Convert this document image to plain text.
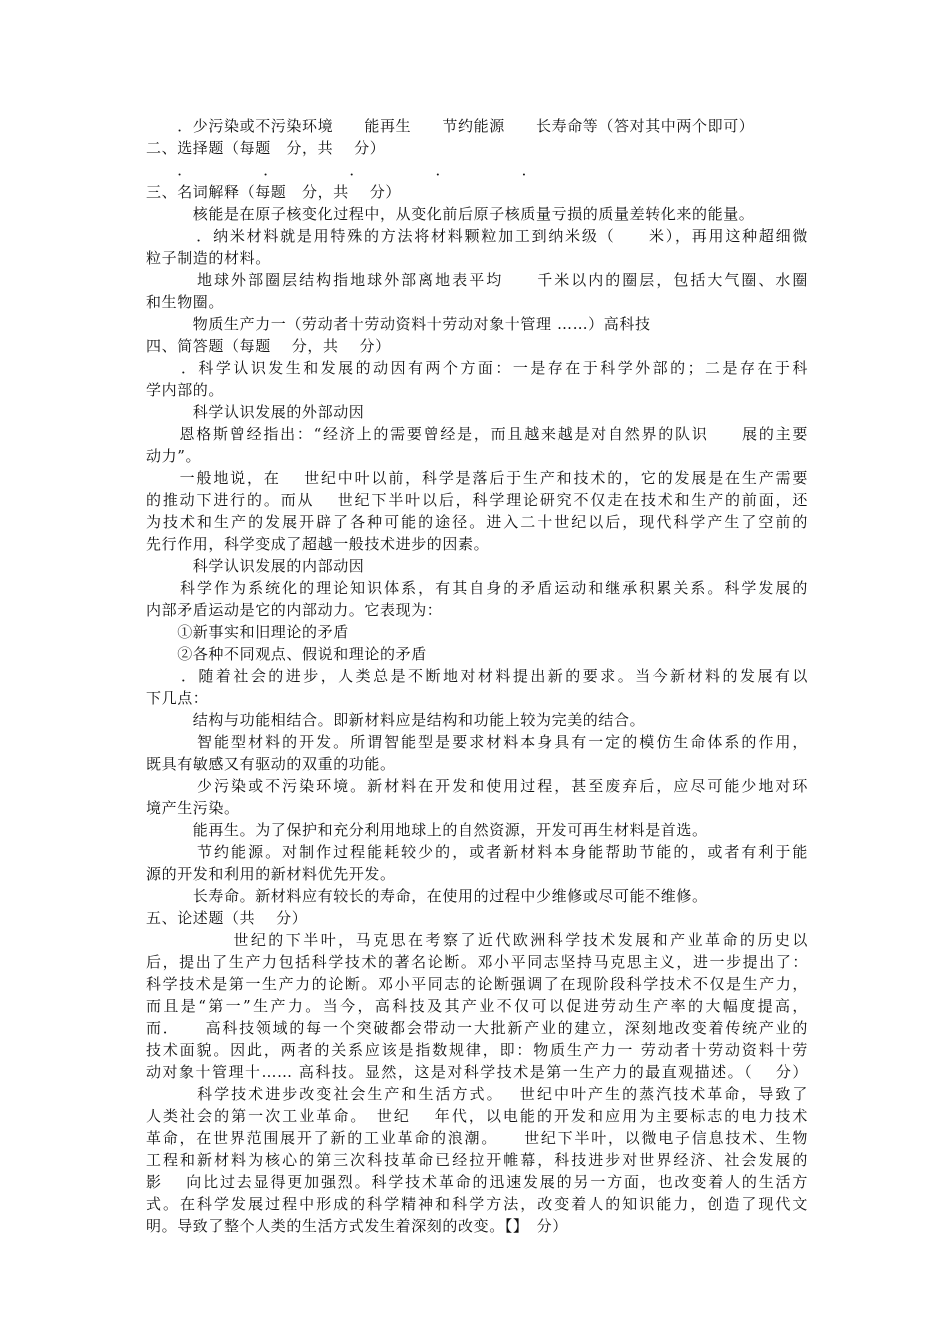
　　．少污染或不污染环境　　能再生　　节约能源　　长寿命等（答对其中两个即可）
二、选择题（每题　分，共　 分）
　　．　　　　　．　　　　　．　　　　　．　　　　　．
三、名词解释（每题　分，共　 分）
　　　核能是在原子核变化过程中，从变化前后原子核质量亏损的质量差转化来的能量。
　　　．纳米材料就是用特殊的方法将材料颗粒加工到纳米级（　　米），再用这种超细微
粒子制造的材料。
　　　地球外部圈层结构指地球外部离地表平均　　千米以内的圈层，包括大气圈、水圈
和生物圈。
　　　物质生产力一（劳动者十劳动资料十劳动对象十管理 ……）高科技
四、简答题（每题　 分，共　 分）
　　．科学认识发生和发展的动因有两个方面：一是存在于科学外部的；二是存在于科
学内部的。
　　　科学认识发展的外部动因
　　恩格斯曾经指出：“经济上的需要曾经是，而且越来越是对自然界的队识　　展的主要
动力”。
　　一般地说，在　 世纪中叶以前，科学是落后于生产和技术的，它的发展是在生产需要
的推动下进行的。而从　 世纪下半叶以后，科学理论研究不仅走在技术和生产的前面，还
为技术和生产的发展开辟了各种可能的途径。进入二十世纪以后，现代科学产生了空前的
先行作用，科学变成了超越一般技术进步的因素。
　　　科学认识发展的内部动因
　　科学作为系统化的理论知识体系，有其自身的矛盾运动和继承积累关系。科学发展的
内部矛盾运动是它的内部动力。它表现为：
　　①新事实和旧理论的矛盾
　　②各种不同观点、假说和理论的矛盾
　　．随着社会的进步，人类总是不断地对材料提出新的要求。当今新材料的发展有以
下几点：
　　　结构与功能相结合。即新材料应是结构和功能上较为完美的结合。
　　　智能型材料的开发。所谓智能型是要求材料本身具有一定的模仿生命体系的作用，
既具有敏感又有驱动的双重的功能。
　　　少污染或不污染环境。新材料在开发和使用过程，甚至废弃后，应尽可能少地对环
境产生污染。
　　　能再生。为了保护和充分利用地球上的自然资源，开发可再生材料是首选。
　　　节约能源。对制作过程能耗较少的，或者新材料本身能帮助节能的，或者有利于能
源的开发和利用的新材料优先开发。
　　　长寿命。新材料应有较长的寿命，在使用的过程中少维修或尽可能不维修。
五、论述题（共　 分）
　　　　　世纪的下半叶，马克思在考察了近代欧洲科学技术发展和产业革命的历史以
后，提出了生产力包括科学技术的著名论断。邓小平同志坚持马克思主义，进一步提出了：
科学技术是第一生产力的论断。邓小平同志的论断强调了在现阶段科学技术不仅是生产力，
而且是“第一”生产力。当今，高科技及其产业不仅可以促进劳动生产率的大幅度提高，
而．　　高科技领域的每一个突破都会带动一大批新产业的建立，深刻地改变着传统产业的
技术面貌。因此，两者的关系应该是指数规律，即：物质生产力一 劳动者十劳动资料十劳
动对象十管理十…… 高科技。显然，这是对科学技术是第一生产力的最直观描述。（　 分）
　　　科学技术进步改变社会生产和生活方式。　 世纪中叶产生的蒸汽技术革命，导致了
人类社会的第一次工业革命。　世纪　 年代，以电能的开发和应用为主要标志的电力技术
革命，在世界范围展开了新的工业革命的浪潮。　　世纪下半叶，以微电子信息技术、生物
工程和新材料为核心的第三次科技革命已经拉开帷幕，科技进步对世界经济、社会发展的
影　 向比过去显得更加强烈。科学技术革命的迅速发展的另一方面，也改变着人的生活方
式。在科学发展过程中形成的科学精神和科学方法，改变着人的知识能力，创造了现代文
明。导致了整个人类的生活方式发生着深刻的改变。【】　分）
